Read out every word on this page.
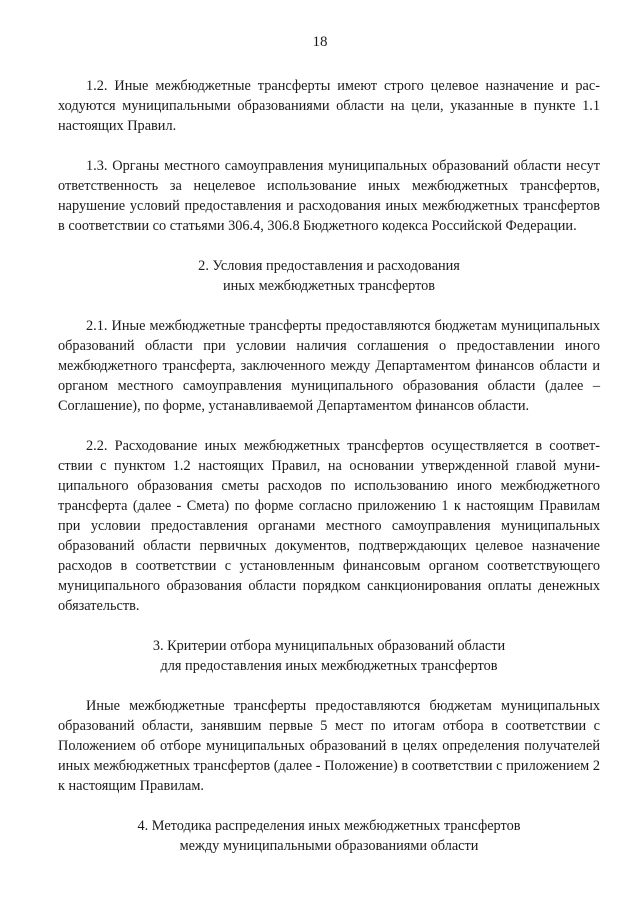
18

1.2. Иные межбюджетные трансферты имеют строго целевое назначение и расходуются муниципальными образованиями области на цели, указанные в пункте 1.1 настоящих Правил.

1.3. Органы местного самоуправления муниципальных образований области несут ответственность за нецелевое использование иных межбюджетных трансфертов, нарушение условий предоставления и расходования иных межбюджетных трансфертов в соответствии со статьями 306.4, 306.8 Бюджетного кодекса Российской Федерации.

2. Условия предоставления и расходования
иных межбюджетных трансфертов

2.1. Иные межбюджетные трансферты предоставляются бюджетам муниципальных образований области при условии наличия соглашения о предоставлении иного межбюджетного трансферта, заключенного между Департаментом финансов области и органом местного самоуправления муниципального образования области (далее – Соглашение), по форме, устанавливаемой Департаментом финансов области.

2.2. Расходование иных межбюджетных трансфертов осуществляется в соответствии с пунктом 1.2 настоящих Правил, на основании утвержденной главой муниципального образования сметы расходов по использованию иного межбюджетного трансферта (далее - Смета) по форме согласно приложению 1 к настоящим Правилам при условии предоставления органами местного самоуправления муниципальных образований области первичных документов, подтверждающих целевое назначение расходов в соответствии с установленным финансовым органом соответствующего муниципального образования области порядком санкционирования оплаты денежных обязательств.

3. Критерии отбора муниципальных образований области
для предоставления иных межбюджетных трансфертов

Иные межбюджетные трансферты предоставляются бюджетам муниципальных образований области, занявшим первые 5 мест по итогам отбора в соответствии с Положением об отборе муниципальных образований в целях определения получателей иных межбюджетных трансфертов (далее - Положение) в соответствии с приложением 2 к настоящим Правилам.

4. Методика распределения иных межбюджетных трансфертов
между муниципальными образованиями области
